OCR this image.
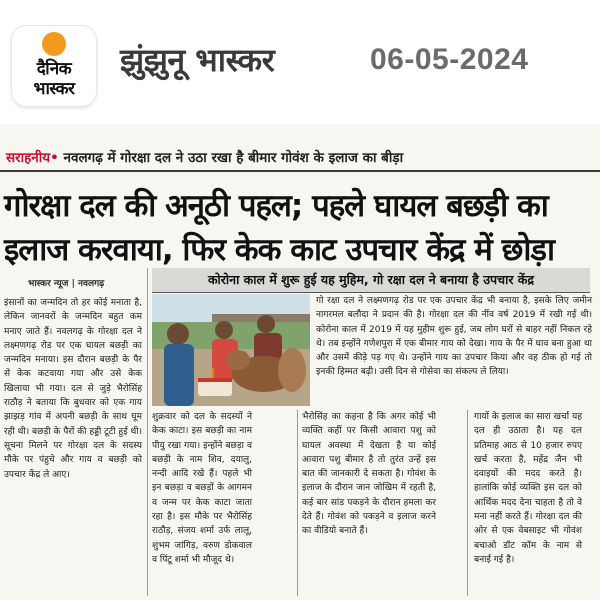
दैनिक
भास्कर
झुंझुनू भास्कर	06-05-2024
सराहनीय• नवलगढ़ में गोरक्षा दल ने उठा रखा है बीमार गोवंश के इलाज का बीड़ा
गोरक्षा दल की अनूठी पहल; पहले घायल बछड़ी का
इलाज करवाया, फिर केक काट उपचार केंद्र में छोड़ा
भास्कर न्यूज | नवलगढ़	कोरोना काल में शुरू हुई यह मुहिम, गो रक्षा दल ने बनाया है उपचार केंद्र
इंसानों का जन्मदिन तो हर कोई मनाता है, लेकिन जानवरों के जन्मदिन बहुत कम मनाए जाते हैं। नवलगढ़ के गोरक्षा दल ने लक्ष्मणगढ़ रोड पर एक घायल बछड़ी का जन्मदिन मनाया। इस दौरान बछड़ी के पैर से केक कटवाया गया और उसे केक खिलाया भी गया। दल से जुड़े भैरोसिंह राठौड़ ने बताया कि बुधवार को एक गाय झाझड़ गांव में अपनी बछड़ी के साथ घूम रही थी। बछड़ी के पैरों की हड्डी टूटी हुई थी। सूचना मिलने पर गोरक्षा दल के सदस्य मौके पर पंहुचे और गाय व बछड़ी को उपचार केंद्र ले आए।
गो रक्षा दल ने लक्ष्मणगढ़ रोड पर एक उपचार केंद्र भी बनाया है, इसके लिए जमीन नागरमल बलौदा ने प्रदान की है। गोरक्षा दल की नींव वर्ष 2019 में रखी गई थी। कोरोना काल में 2019 में यह मुहीम शुरू हुई, जब लोग घरों से बाहर नहीं निकल रहे थे। तब इन्होंने गणेशपुरा में एक बीमार गाय को देखा। गाय के पैर में घाव बना हुआ था और उसमें कीड़े पड़ गए थे। उन्होंने गाय का उपचार किया और वह ठीक हो गई तो इनकी हिम्मत बढ़ी। उसी दिन से गोसेवा का संकल्प ले लिया।
शुक्रवार को दल के सदस्यों ने केक काटा। इस बछड़ी का नाम पीयु रखा गया। इन्होंने बछड़ा व बछड़ी के नाम शिव, दयालु, नन्दी आदि रखे हैं। पहले भी इन बछड़ा व बछड़ों के आगमन व जन्म पर केक काटा जाता रहा है। इस मौके पर भैरोसिंह राठौड़, संजय शर्मा उर्फ लालू, शुभम जांगिड़, वरुण डोकवाल व पिंटू शर्मा भी मौजूद थे।
भैरोसिंह का कहना है कि अगर कोई भी व्यक्ति कहीं पर किसी आवारा पशु को घायल अवस्था में देखता है या कोई आवारा पशु बीमार है तो तुरंत उन्हें इस बात की जानकारी दे सकता है। गोवंश के इलाज के दौरान जान जोखिम में रहती है, कई बार सांड पकड़ने के दौरान हमला कर देते हैं। गोवंश को पकड़ने व इलाज करने का वीडियो बनाते हैं।
गायों के इलाज का सारा खर्चा यह दल ही उठाता है। यह दल प्रतिमाह आठ से 10 हजार रुपए खर्च करता है, महेंद्र जैन भी दवाइयों की मदद करते है। हालांकि कोई व्यक्ति इस दल को आर्थिक मदद देना चाहता है तो वे मना नहीं करते हैं। गोरक्षा दल की ओर से एक वेबसाइट भी गोवंश बचाओ डॉट कॉम के नाम से बनाई गई है।
